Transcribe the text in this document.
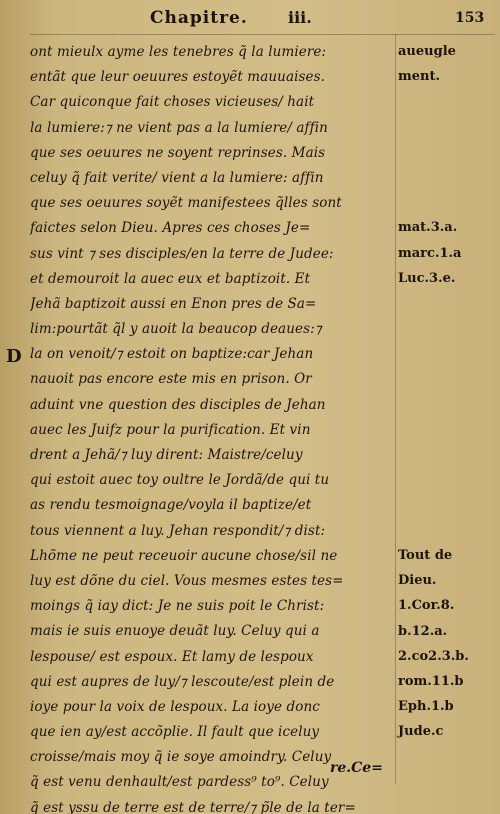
Chapitre.	iii.	153
D
ont mieulx ayme les tenebres q̃ la lumiere:
entãt que leur oeuures estoyẽt mauuaises.
Car quiconque fait choses vicieuses/ hait
la lumiere:⁊ ne vient pas a la lumiere/ affin
que ses oeuures ne soyent reprinses. Mais
celuy q̃ fait verite/ vient a la lumiere: affin
que ses oeuures soyẽt manifestees q̃lles sont
faictes selon Dieu. Apres ces choses Je=
sus vint ⁊ ses disciples/en la terre de Judee:
et demouroit la auec eux et baptizoit. Et
Jehã baptizoit aussi en Enon pres de Sa=
lim:pourtãt q̃l y auoit la beaucop deaues:⁊
la on venoit/⁊ estoit on baptize:car Jehan
nauoit pas encore este mis en prison. Or
aduint vne question des disciples de Jehan
auec les Juifz pour la purification. Et vin
drent a Jehã/⁊ luy dirent: Maistre/celuy
qui estoit auec toy oultre le Jordã/de qui tu
as rendu tesmoignage/voyla il baptize/et
tous viennent a luy. Jehan respondit/⁊ dist:
Lhõme ne peut receuoir aucune chose/sil ne
luy est dõne du ciel. Vous mesmes estes tes=
moings q̃ iay dict: Je ne suis poit le Christ:
mais ie suis enuoye deuãt luy. Celuy qui a
lespouse/ est espoux. Et lamy de lespoux
qui est aupres de luy/⁊ lescoute/est plein de
ioye pour la voix de lespoux. La ioye donc
que ien ay/est accõplie. Il fault que iceluy
croisse/mais moy q̃ ie soye amoindry. Celuy
q̃ est venu denhault/est pardess⁹ to⁹. Celuy
q̃ est yssu de terre est de terre/⁊ p̃le de la ter=
aueugle
ment.
mat.3.a.
marc.1.a
Luc.3.e.
Tout de
Dieu.
1.Cor.8.
b.12.a.
2.co2.3.b.
rom.11.b
Eph.1.b
Jude.c
re.Ce=
